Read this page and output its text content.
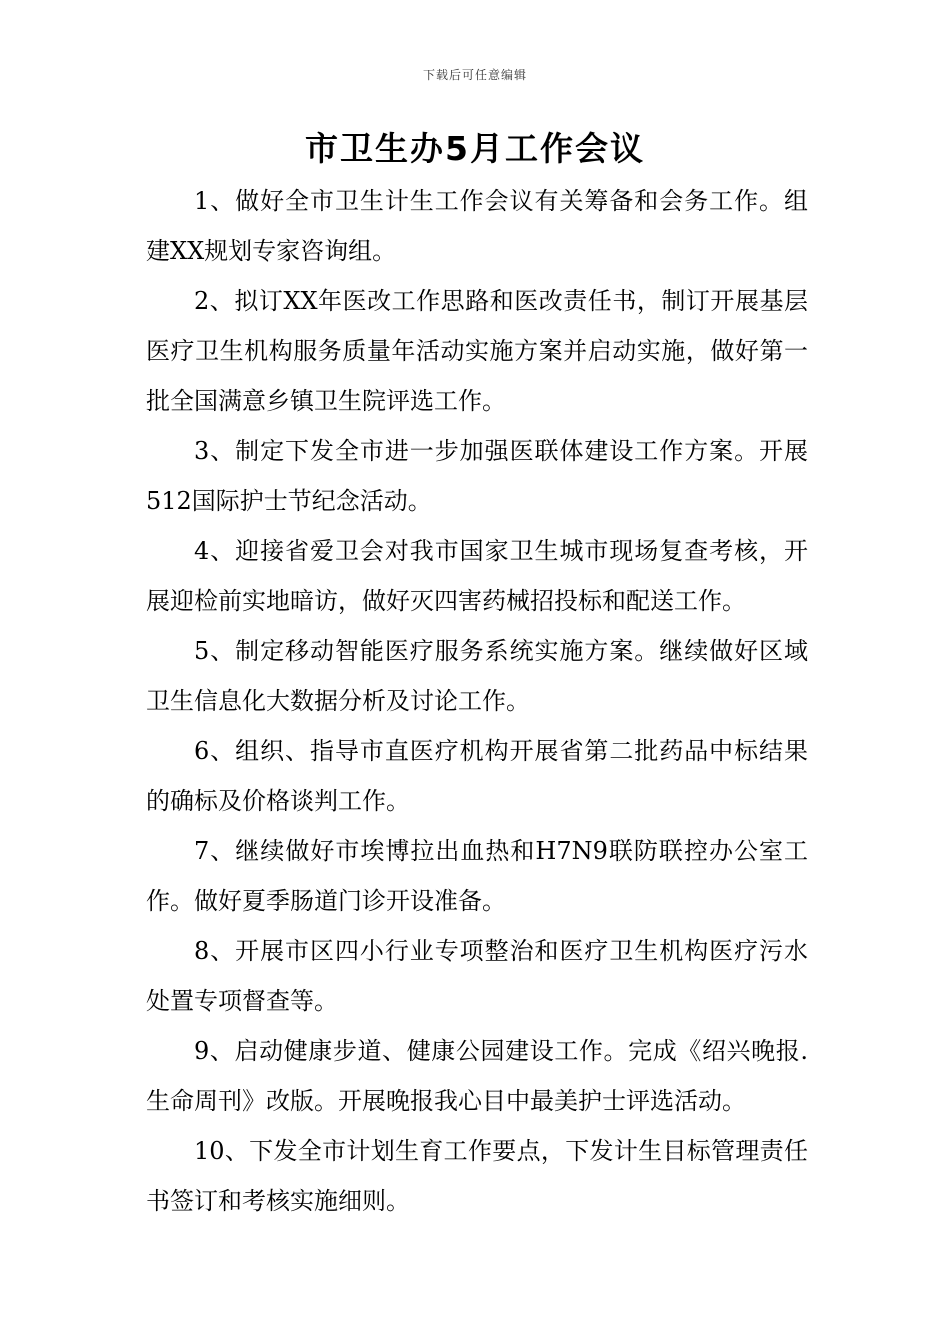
下载后可任意编辑
市卫生办5月工作会议

1、做好全市卫生计生工作会议有关筹备和会务工作。组建XX规划专家咨询组。

2、拟订XX年医改工作思路和医改责任书，制订开展基层医疗卫生机构服务质量年活动实施方案并启动实施，做好第一批全国满意乡镇卫生院评选工作。

3、制定下发全市进一步加强医联体建设工作方案。开展512国际护士节纪念活动。

4、迎接省爱卫会对我市国家卫生城市现场复查考核，开展迎检前实地暗访，做好灭四害药械招投标和配送工作。

5、制定移动智能医疗服务系统实施方案。继续做好区域卫生信息化大数据分析及讨论工作。

6、组织、指导市直医疗机构开展省第二批药品中标结果的确标及价格谈判工作。

7、继续做好市埃博拉出血热和H7N9联防联控办公室工作。做好夏季肠道门诊开设准备。

8、开展市区四小行业专项整治和医疗卫生机构医疗污水处置专项督查等。

9、启动健康步道、健康公园建设工作。完成《绍兴晚报.生命周刊》改版。开展晚报我心目中最美护士评选活动。

10、下发全市计划生育工作要点，下发计生目标管理责任书签订和考核实施细则。
